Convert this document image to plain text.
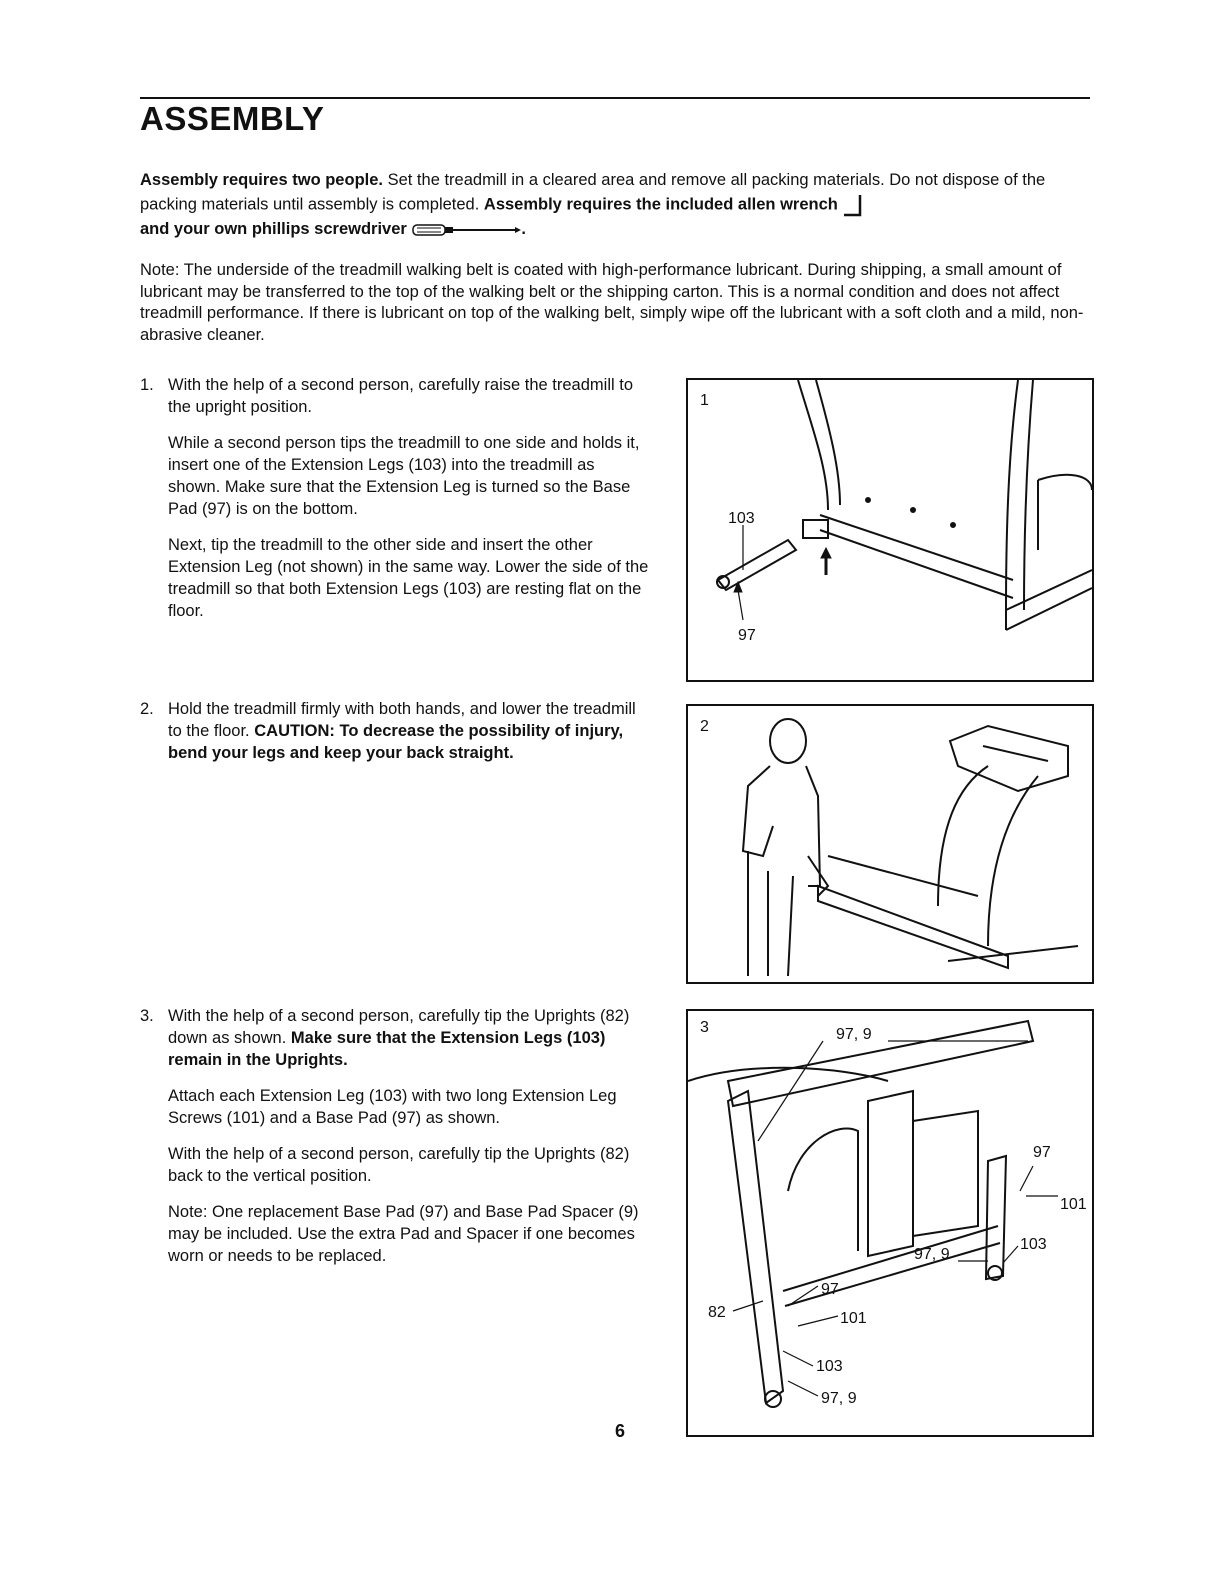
ASSEMBLY

Assembly requires two people. Set the treadmill in a cleared area and remove all packing materials. Do not dispose of the packing materials until assembly is completed. Assembly requires the included allen wrench
and your own phillips screwdriver	.

Note: The underside of the treadmill walking belt is coated with high-performance lubricant. During shipping, a small amount of lubricant may be transferred to the top of the walking belt or the shipping carton. This is a normal condition and does not affect treadmill performance. If there is lubricant on top of the walking belt, simply wipe off the lubricant with a soft cloth and a mild, non-abrasive cleaner.

1. With the help of a second person, carefully raise the treadmill to the upright position.

While a second person tips the treadmill to one side and holds it, insert one of the Extension Legs (103) into the treadmill as shown. Make sure that the Extension Leg is turned so the Base Pad (97) is on the bottom.

Next, tip the treadmill to the other side and insert the other Extension Leg (not shown) in the same way. Lower the side of the treadmill so that both Extension Legs (103) are resting flat on the floor.

2. Hold the treadmill firmly with both hands, and lower the treadmill to the floor. CAUTION: To decrease the possibility of injury, bend your legs and keep your back straight.

3. With the help of a second person, carefully tip the Uprights (82) down as shown. Make sure that the Extension Legs (103) remain in the Uprights.

Attach each Extension Leg (103) with two long Extension Leg Screws (101) and a Base Pad (97) as shown.

With the help of a second person, carefully tip the Uprights (82) back to the vertical position.

Note: One replacement Base Pad (97) and Base Pad Spacer (9) may be included. Use the extra Pad and Spacer if one becomes worn or needs to be replaced.

1
103
97
2
3	97, 9
97
101
103
97, 9
82
97
101
103
97, 9
6
